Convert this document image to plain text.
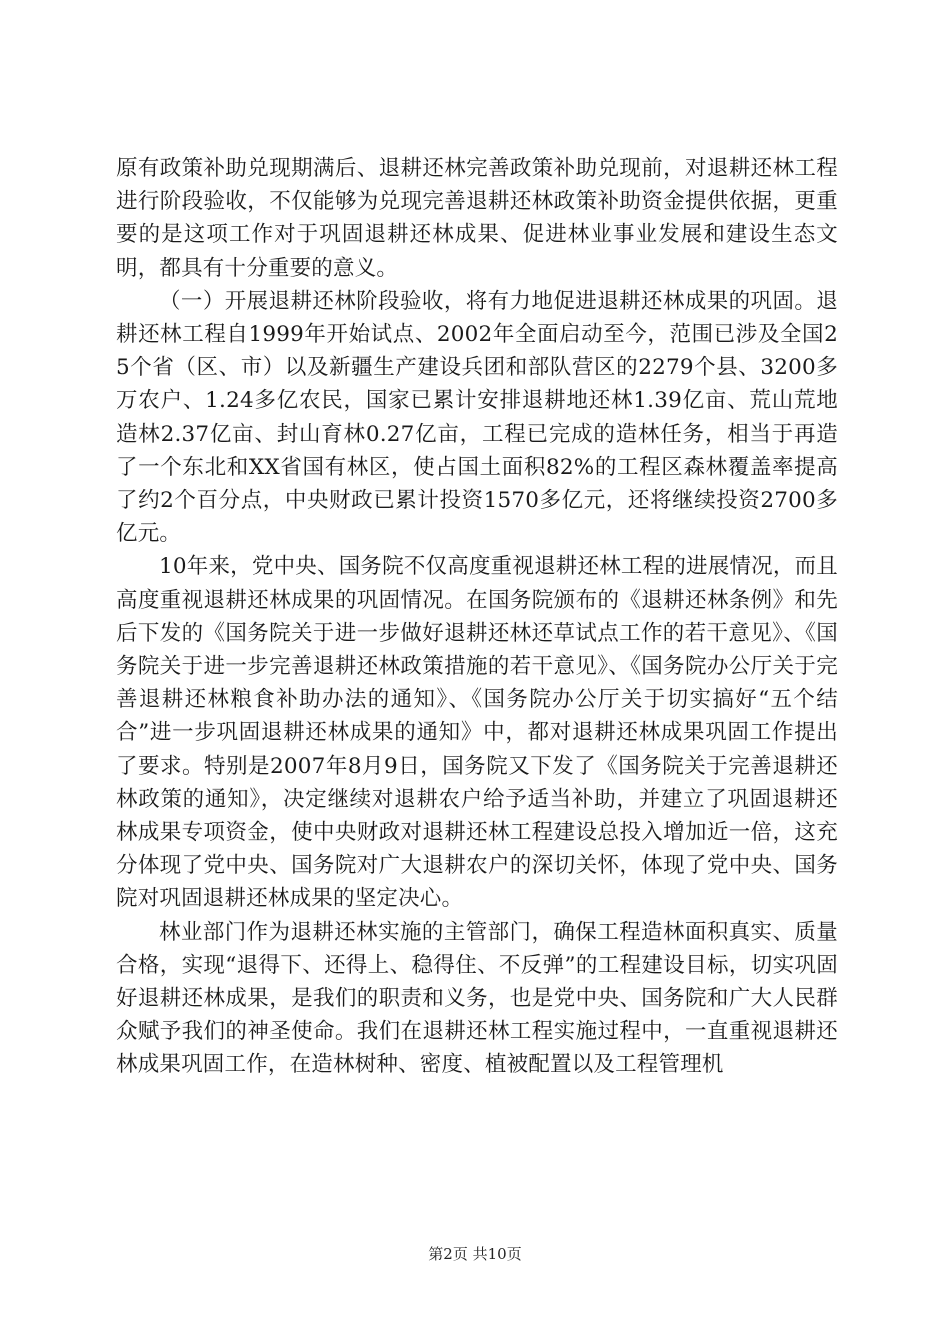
原有政策补助兑现期满后、退耕还林完善政策补助兑现前，对退耕还林工程进行阶段验收，不仅能够为兑现完善退耕还林政策补助资金提供依据，更重要的是这项工作对于巩固退耕还林成果、促进林业事业发展和建设生态文明，都具有十分重要的意义。

（一）开展退耕还林阶段验收，将有力地促进退耕还林成果的巩固。退耕还林工程自1999年开始试点、2002年全面启动至今，范围已涉及全国25个省（区、市）以及新疆生产建设兵团和部队营区的2279个县、3200多万农户、1.24多亿农民，国家已累计安排退耕地还林1.39亿亩、荒山荒地造林2.37亿亩、封山育林0.27亿亩，工程已完成的造林任务，相当于再造了一个东北和XX省国有林区，使占国土面积82%的工程区森林覆盖率提高了约2个百分点，中央财政已累计投资1570多亿元，还将继续投资2700多亿元。

10年来，党中央、国务院不仅高度重视退耕还林工程的进展情况，而且高度重视退耕还林成果的巩固情况。在国务院颁布的《退耕还林条例》和先后下发的《国务院关于进一步做好退耕还林还草试点工作的若干意见》、《国务院关于进一步完善退耕还林政策措施的若干意见》、《国务院办公厅关于完善退耕还林粮食补助办法的通知》、《国务院办公厅关于切实搞好“五个结合”进一步巩固退耕还林成果的通知》中，都对退耕还林成果巩固工作提出了要求。特别是2007年8月9日，国务院又下发了《国务院关于完善退耕还林政策的通知》，决定继续对退耕农户给予适当补助，并建立了巩固退耕还林成果专项资金，使中央财政对退耕还林工程建设总投入增加近一倍，这充分体现了党中央、国务院对广大退耕农户的深切关怀，体现了党中央、国务院对巩固退耕还林成果的坚定决心。

林业部门作为退耕还林实施的主管部门，确保工程造林面积真实、质量合格，实现“退得下、还得上、稳得住、不反弹”的工程建设目标，切实巩固好退耕还林成果，是我们的职责和义务，也是党中央、国务院和广大人民群众赋予我们的神圣使命。我们在退耕还林工程实施过程中，一直重视退耕还林成果巩固工作，在造林树种、密度、植被配置以及工程管理机

第2页 共10页
